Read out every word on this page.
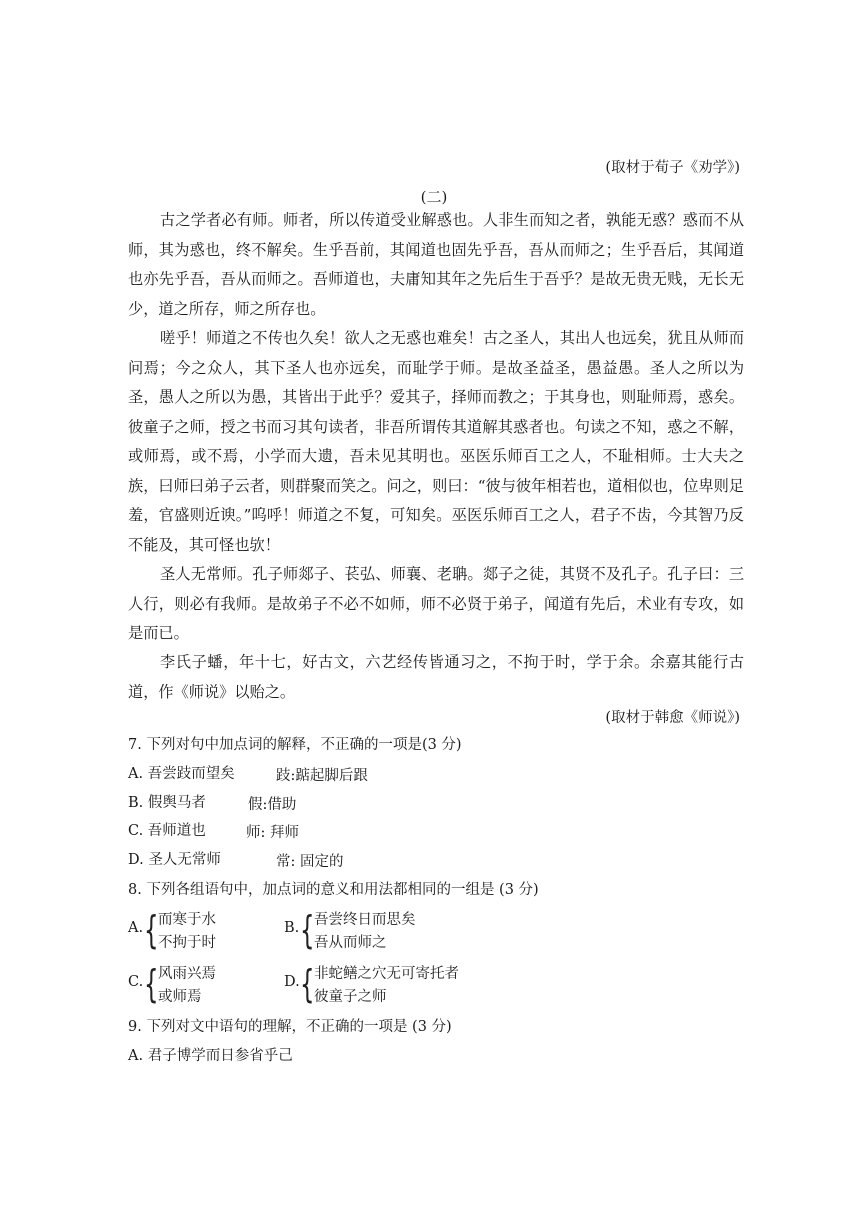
(取材于荀子《劝学》)
(二)

古之学者必有师。师者，所以传道受业解惑也。人非生而知之者，孰能无惑？惑而不从师，其为惑也，终不解矣。生乎吾前，其闻道也固先乎吾，吾从而师之；生乎吾后，其闻道也亦先乎吾，吾从而师之。吾师道也，夫庸知其年之先后生于吾乎？是故无贵无贱，无长无少，道之所存，师之所存也。

嗟乎！师道之不传也久矣！欲人之无惑也难矣！古之圣人，其出人也远矣，犹且从师而问焉；今之众人，其下圣人也亦远矣，而耻学于师。是故圣益圣，愚益愚。圣人之所以为圣，愚人之所以为愚，其皆出于此乎？爱其子，择师而教之；于其身也，则耻师焉，惑矣。彼童子之师，授之书而习其句读者，非吾所谓传其道解其惑者也。句读之不知，惑之不解，或师焉，或不焉，小学而大遗，吾未见其明也。巫医乐师百工之人，不耻相师。士大夫之族，曰师曰弟子云者，则群聚而笑之。问之，则曰：“彼与彼年相若也，道相似也，位卑则足羞，官盛则近谀。”呜呼！师道之不复，可知矣。巫医乐师百工之人，君子不齿，今其智乃反不能及，其可怪也欤！

圣人无常师。孔子师郯子、苌弘、师襄、老聃。郯子之徒，其贤不及孔子。孔子曰：三人行，则必有我师。是故弟子不必不如师，师不必贤于弟子，闻道有先后，术业有专攻，如是而已。

李氏子蟠，年十七，好古文，六艺经传皆通习之，不拘于时，学于余。余嘉其能行古道，作《师说》以贻之。

(取材于韩愈《师说》)
7. 下列对句中加点词的解释，不正确的一项是(3 分)
A. 吾尝跂而望矣	跂:踮起脚后跟
B. 假舆马者	假:借助
C. 吾师道也	师: 拜师
D. 圣人无常师	常: 固定的
8. 下列各组语句中，加点词的意义和用法都相同的一组是 (3 分)
A. { 而寒于水
不拘于时
B. { 吾尝终日而思矣
吾从而师之
C. { 风雨兴焉
或师焉
D. { 非蛇鳝之穴无可寄托者
彼童子之师
9. 下列对文中语句的理解，不正确的一项是 (3 分)
A. 君子博学而日参省乎己
